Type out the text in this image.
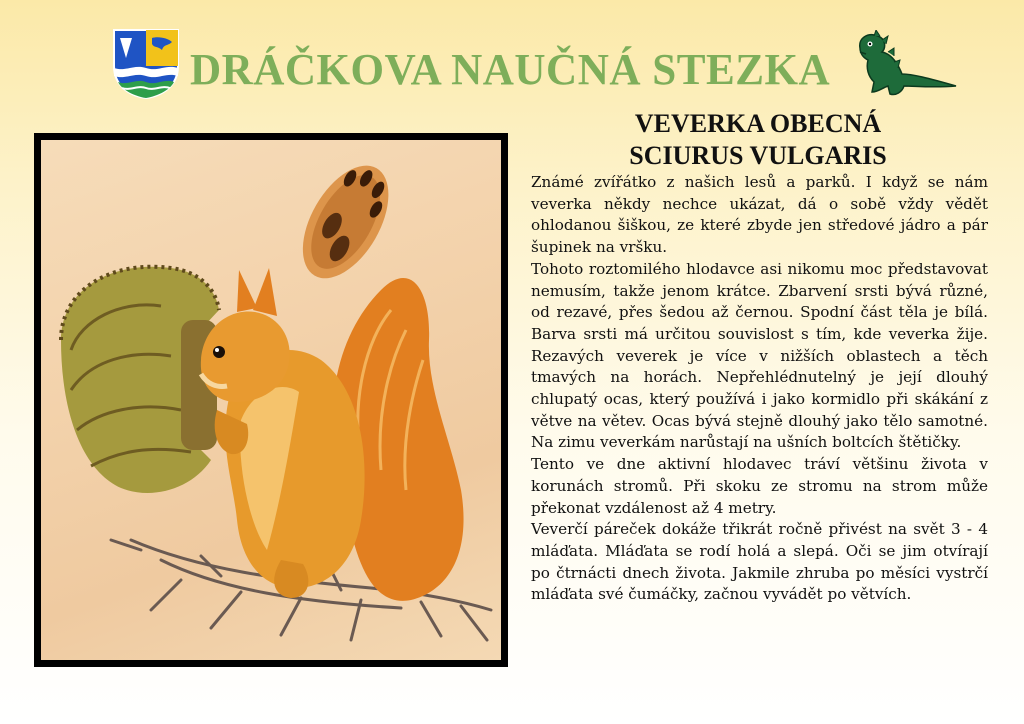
DRÁČKOVA NAUČNÁ STEZKA
VEVERKA OBECNÁ
SCIURUS VULGARIS

Známé zvířátko z našich lesů a parků. I když se nám veverka někdy nechce ukázat, dá o sobě vždy vědět ohlodanou šiškou, ze které zbyde jen středové jádro a pár šupinek na vršku.

Tohoto roztomilého hlodavce asi nikomu moc představovat nemusím, takže jenom krátce. Zbarvení srsti bývá různé, od rezavé, přes šedou až černou. Spodní část těla je bílá. Barva srsti má určitou souvislost s tím, kde veverka žije. Rezavých veverek je více v nižších oblastech a těch tmavých na horách. Nepřehlédnutelný je její dlouhý chlupatý ocas, který používá i jako kormidlo při skákání z větve na větev. Ocas bývá stejně dlouhý jako tělo samotné. Na zimu veverkám narůstají na ušních boltcích štětičky.

Tento ve dne aktivní hlodavec tráví většinu života v korunách stromů. Při skoku ze stromu na strom může překonat vzdálenost až 4 metry.

Veverčí páreček dokáže třikrát ročně přivést na svět 3 - 4 mláďata. Mláďata se rodí holá a slepá. Oči se jim otvírají po čtrnácti dnech života. Jakmile zhruba po měsíci vystrčí mláďata své čumáčky, začnou vyvádět po větvích.
